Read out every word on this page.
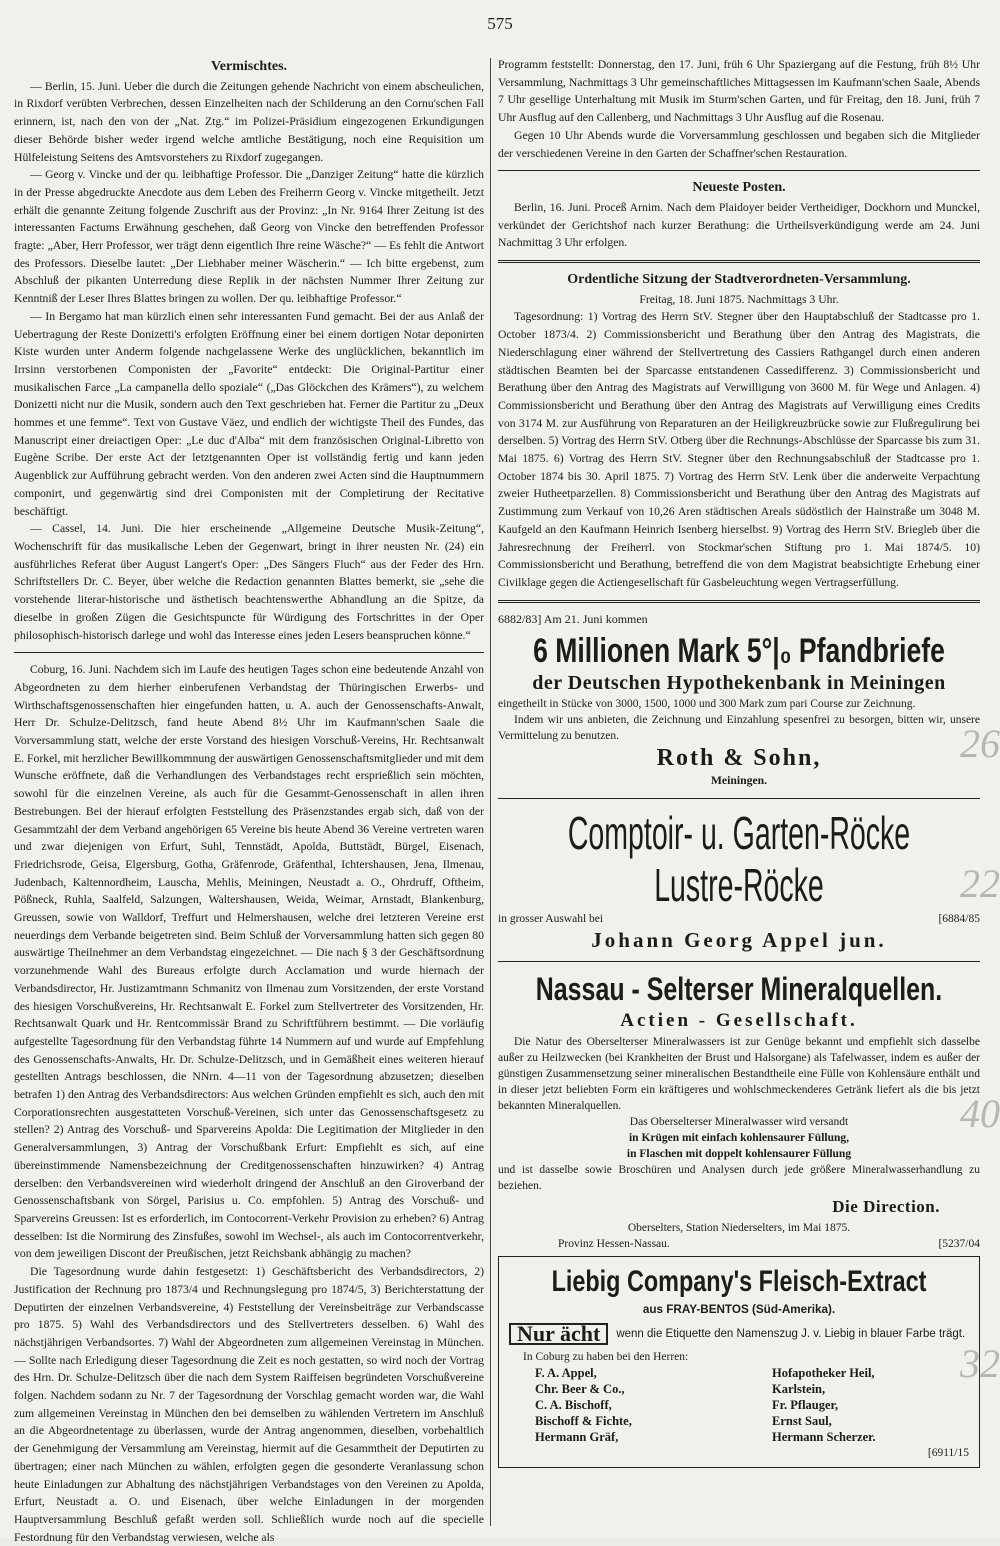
575
Vermischtes.

— Berlin, 15. Juni. Ueber die durch die Zeitungen gehende Nachricht von einem abscheulichen, in Rixdorf verübten Verbrechen, dessen Einzelheiten nach der Schilderung an den Cornu'schen Fall erinnern, ist, nach den von der „Nat. Ztg.“ im Polizei-Präsidium eingezogenen Erkundigungen dieser Behörde bisher weder irgend welche amtliche Bestätigung, noch eine Requisition um Hülfeleistung Seitens des Amtsvorstehers zu Rixdorf zugegangen.

— Georg v. Vincke und der qu. leibhaftige Professor. Die „Danziger Zeitung“ hatte die kürzlich in der Presse abgedruckte Anecdote aus dem Leben des Freiherrn Georg v. Vincke mitgetheilt. Jetzt erhält die genannte Zeitung folgende Zuschrift aus der Provinz: „In Nr. 9164 Ihrer Zeitung ist des interessanten Factums Erwähnung geschehen, daß Georg von Vincke den betreffenden Professor fragte: „Aber, Herr Professor, wer trägt denn eigentlich Ihre reine Wäsche?“ — Es fehlt die Antwort des Professors. Dieselbe lautet: „Der Liebhaber meiner Wäscherin.“ — Ich bitte ergebenst, zum Abschluß der pikanten Unterredung diese Replik in der nächsten Nummer Ihrer Zeitung zur Kenntniß der Leser Ihres Blattes bringen zu wollen. Der qu. leibhaftige Professor.“

— In Bergamo hat man kürzlich einen sehr interessanten Fund gemacht. Bei der aus Anlaß der Uebertragung der Reste Donizetti's erfolgten Eröffnung einer bei einem dortigen Notar deponirten Kiste wurden unter Anderm folgende nachgelassene Werke des unglücklichen, bekanntlich im Irrsinn verstorbenen Componisten der „Favorite“ entdeckt: Die Original-Partitur einer musikalischen Farce „La campanella dello spoziale“ („Das Glöckchen des Krämers“), zu welchem Donizetti nicht nur die Musik, sondern auch den Text geschrieben hat. Ferner die Partitur zu „Deux hommes et une femme“. Text von Gustave Väez, und endlich der wichtigste Theil des Fundes, das Manuscript einer dreiactigen Oper: „Le duc d'Alba“ mit dem französischen Original-Libretto von Eugène Scribe. Der erste Act der letztgenannten Oper ist vollständig fertig und kann jeden Augenblick zur Aufführung gebracht werden. Von den anderen zwei Acten sind die Hauptnummern componirt, und gegenwärtig sind drei Componisten mit der Completirung der Recitative beschäftigt.

— Cassel, 14. Juni. Die hier erscheinende „Allgemeine Deutsche Musik-Zeitung“, Wochenschrift für das musikalische Leben der Gegenwart, bringt in ihrer neusten Nr. (24) ein ausführliches Referat über August Langert's Oper: „Des Sängers Fluch“ aus der Feder des Hrn. Schriftstellers Dr. C. Beyer, über welche die Redaction genannten Blattes bemerkt, sie „sehe die vorstehende literar-historische und ästhetisch beachtenswerthe Abhandlung an die Spitze, da dieselbe in großen Zügen die Gesichtspuncte für Würdigung des Fortschrittes in der Oper philosophisch-historisch darlege und wohl das Interesse eines jeden Lesers beanspruchen könne.“

Coburg, 16. Juni. Nachdem sich im Laufe des heutigen Tages schon eine bedeutende Anzahl von Abgeordneten zu dem hierher einberufenen Verbandstag der Thüringischen Erwerbs- und Wirthschaftsgenossenschaften hier eingefunden hatten, u. A. auch der Genossenschafts-Anwalt, Herr Dr. Schulze-Delitzsch, fand heute Abend 8½ Uhr im Kaufmann'schen Saale die Vorversammlung statt, welche der erste Vorstand des hiesigen Vorschuß-Vereins, Hr. Rechtsanwalt E. Forkel, mit herzlicher Bewillkommnung der auswärtigen Genossenschaftsmitglieder und mit dem Wunsche eröffnete, daß die Verhandlungen des Verbandstages recht ersprießlich sein möchten, sowohl für die einzelnen Vereine, als auch für die Gesammt-Genossenschaft in allen ihren Bestrebungen. Bei der hierauf erfolgten Feststellung des Präsenzstandes ergab sich, daß von der Gesammtzahl der dem Verband angehörigen 65 Vereine bis heute Abend 36 Vereine vertreten waren und zwar diejenigen von Erfurt, Suhl, Tennstädt, Apolda, Buttstädt, Bürgel, Eisenach, Friedrichsrode, Geisa, Elgersburg, Gotha, Gräfenrode, Gräfenthal, Ichtershausen, Jena, Ilmenau, Judenbach, Kaltennordheim, Lauscha, Mehlis, Meiningen, Neustadt a. O., Ohrdruff, Oftheim, Pößneck, Ruhla, Saalfeld, Salzungen, Waltershausen, Weida, Weimar, Arnstadt, Blankenburg, Greussen, sowie von Walldorf, Treffurt und Helmershausen, welche drei letzteren Vereine erst neuerdings dem Verbande beigetreten sind. Beim Schluß der Vorversammlung hatten sich gegen 80 auswärtige Theilnehmer an dem Verbandstag eingezeichnet. — Die nach § 3 der Geschäftsordnung vorzunehmende Wahl des Bureaus erfolgte durch Acclamation und wurde hiernach der Verbandsdirector, Hr. Justizamtmann Schmanitz von Ilmenau zum Vorsitzenden, der erste Vorstand des hiesigen Vorschußvereins, Hr. Rechtsanwalt E. Forkel zum Stellvertreter des Vorsitzenden, Hr. Rechtsanwalt Quark und Hr. Rentcommissär Brand zu Schriftführern bestimmt. — Die vorläufig aufgestellte Tagesordnung für den Verbandstag führte 14 Nummern auf und wurde auf Empfehlung des Genossenschafts-Anwalts, Hr. Dr. Schulze-Delitzsch, und in Gemäßheit eines weiteren hierauf gestellten Antrags beschlossen, die NNrn. 4—11 von der Tagesordnung abzusetzen; dieselben betrafen 1) den Antrag des Verbandsdirectors: Aus welchen Gründen empfiehlt es sich, auch den mit Corporationsrechten ausgestatteten Vorschuß-Vereinen, sich unter das Genossenschaftsgesetz zu stellen? 2) Antrag des Vorschuß- und Sparvereins Apolda: Die Legitimation der Mitglieder in den Generalversammlungen, 3) Antrag der Vorschußbank Erfurt: Empfiehlt es sich, auf eine übereinstimmende Namensbezeichnung der Creditgenossenschaften hinzuwirken? 4) Antrag derselben: den Verbandsvereinen wird wiederholt dringend der Anschluß an den Giroverband der Genossenschaftsbank von Sörgel, Parisius u. Co. empfohlen. 5) Antrag des Vorschuß- und Sparvereins Greussen: Ist es erforderlich, im Contocorrent-Verkehr Provision zu erheben? 6) Antrag desselben: Ist die Normirung des Zinsfußes, sowohl im Wechsel-, als auch im Contocorrentverkehr, von dem jeweiligen Discont der Preußischen, jetzt Reichsbank abhängig zu machen?

Die Tagesordnung wurde dahin festgesetzt: 1) Geschäftsbericht des Verbandsdirectors, 2) Justification der Rechnung pro 1873/4 und Rechnungslegung pro 1874/5, 3) Berichterstattung der Deputirten der einzelnen Verbandsvereine, 4) Feststellung der Vereinsbeiträge zur Verbandscasse pro 1875. 5) Wahl des Verbandsdirectors und des Stellvertreters desselben. 6) Wahl des nächstjährigen Verbandsortes. 7) Wahl der Abgeordneten zum allgemeinen Vereinstag in München. — Sollte nach Erledigung dieser Tagesordnung die Zeit es noch gestatten, so wird noch der Vortrag des Hrn. Dr. Schulze-Delitzsch über die nach dem System Raiffeisen begründeten Vorschußvereine folgen. Nachdem sodann zu Nr. 7 der Tagesordnung der Vorschlag gemacht worden war, die Wahl zum allgemeinen Vereinstag in München den bei demselben zu wählenden Vertretern im Anschluß an die Abgeordnetentage zu überlassen, wurde der Antrag angenommen, dieselben, vorbehaltlich der Genehmigung der Versammlung am Vereinstag, hiermit auf die Gesammtheit der Deputirten zu übertragen; einer nach München zu wählen, erfolgten gegen die gesonderte Veranlassung schon heute Einladungen zur Abhaltung des nächstjährigen Verbandstages von den Vereinen zu Apolda, Erfurt, Neustadt a. O. und Eisenach, über welche Einladungen in der morgenden Hauptversammlung Beschluß gefaßt werden soll. Schließlich wurde noch auf die specielle Festordnung für den Verbandstag verwiesen, welche als

Programm feststellt: Donnerstag, den 17. Juni, früh 6 Uhr Spaziergang auf die Festung, früh 8½ Uhr Versammlung, Nachmittags 3 Uhr gemeinschaftliches Mittagsessen im Kaufmann'schen Saale, Abends 7 Uhr gesellige Unterhaltung mit Musik im Sturm'schen Garten, und für Freitag, den 18. Juni, früh 7 Uhr Ausflug auf den Callenberg, und Nachmittags 3 Uhr Ausflug auf die Rosenau.

Gegen 10 Uhr Abends wurde die Vorversammlung geschlossen und begaben sich die Mitglieder der verschiedenen Vereine in den Garten der Schaffner'schen Restauration.

Neueste Posten.

Berlin, 16. Juni. Proceß Arnim. Nach dem Plaidoyer beider Vertheidiger, Dockhorn und Munckel, verkündet der Gerichtshof nach kurzer Berathung: die Urtheilsverkündigung werde am 24. Juni Nachmittag 3 Uhr erfolgen.

Ordentliche Sitzung der Stadtverordneten-Versammlung.
Freitag, 18. Juni 1875. Nachmittags 3 Uhr.

Tagesordnung: 1) Vortrag des Herrn StV. Stegner über den Hauptabschluß der Stadtcasse pro 1. October 1873/4. 2) Commissionsbericht und Berathung über den Antrag des Magistrats, die Niederschlagung einer während der Stellvertretung des Cassiers Rathgangel durch einen anderen städtischen Beamten bei der Sparcasse entstandenen Cassedifferenz. 3) Commissionsbericht und Berathung über den Antrag des Magistrats auf Verwilligung von 3600 M. für Wege und Anlagen. 4) Commissionsbericht und Berathung über den Antrag des Magistrats auf Verwilligung eines Credits von 3174 M. zur Ausführung von Reparaturen an der Heiligkreuzbrücke sowie zur Flußregulirung bei derselben. 5) Vortrag des Herrn StV. Otberg über die Rechnungs-Abschlüsse der Sparcasse bis zum 31. Mai 1875. 6) Vortrag des Herrn StV. Stegner über den Rechnungsabschluß der Stadtcasse pro 1. October 1874 bis 30. April 1875. 7) Vortrag des Herrn StV. Lenk über die anderweite Verpachtung zweier Hutheetparzellen. 8) Commissionsbericht und Berathung über den Antrag des Magistrats auf Zustimmung zum Verkauf von 10,26 Aren städtischen Areals südöstlich der Hainstraße um 3048 M. Kaufgeld an den Kaufmann Heinrich Isenberg hierselbst. 9) Vortrag des Herrn StV. Briegleb über die Jahresrechnung der Freiherrl. von Stockmar'schen Stiftung pro 1. Mai 1874/5. 10) Commissionsbericht und Berathung, betreffend die von dem Magistrat beabsichtigte Erhebung einer Civilklage gegen die Actiengesellschaft für Gasbeleuchtung wegen Vertragserfüllung.

6882/83] Am 21. Juni kommen
6 Millionen Mark 5°|₀ Pfandbriefe
der Deutschen Hypothekenbank in Meiningen

eingetheilt in Stücke von 3000, 1500, 1000 und 300 Mark zum pari Course zur Zeichnung.

Indem wir uns anbieten, die Zeichnung und Einzahlung spesenfrei zu besorgen, bitten wir, unsere Vermittelung zu benutzen.

Roth & Sohn,
Meiningen.
Comptoir- u. Garten-Röcke
Lustre-Röcke
in grosser Auswahl bei	[6884/85
Johann Georg Appel jun.
Nassau - Selterser Mineralquellen.
Actien - Gesellschaft.

Die Natur des Oberselterser Mineralwassers ist zur Genüge bekannt und empfiehlt sich dasselbe außer zu Heilzwecken (bei Krankheiten der Brust und Halsorgane) als Tafelwasser, indem es außer der günstigen Zusammensetzung seiner mineralischen Bestandtheile eine Fülle von Kohlensäure enthält und in dieser jetzt beliebten Form ein kräftigeres und wohlschmeckenderes Getränk liefert als die bis jetzt bekannten Mineralquellen.

Das Oberselterser Mineralwasser wird versandt
in Krügen mit einfach kohlensaurer Füllung,
in Flaschen mit doppelt kohlensaurer Füllung

und ist dasselbe sowie Broschüren und Analysen durch jede größere Mineralwasserhandlung zu beziehen.

Die Direction.
Oberselters, Station Niederselters, im Mai 1875.
Provinz Hessen-Nassau.	[5237/04
Liebig Company's Fleisch-Extract
aus FRAY-BENTOS (Süd-Amerika).
Nur ächt	wenn die Etiquette den Namenszug J. v. Liebig in blauer Farbe trägt.
In Coburg zu haben bei den Herren:
F. A. Appel,	Hofapotheker Heil,
Chr. Beer & Co.,	Karlstein,
C. A. Bischoff,	Fr. Pflauger,
Bischoff & Fichte,	Ernst Saul,
Hermann Gräf,	Hermann Scherzer.
[6911/15
26
22
40
32
